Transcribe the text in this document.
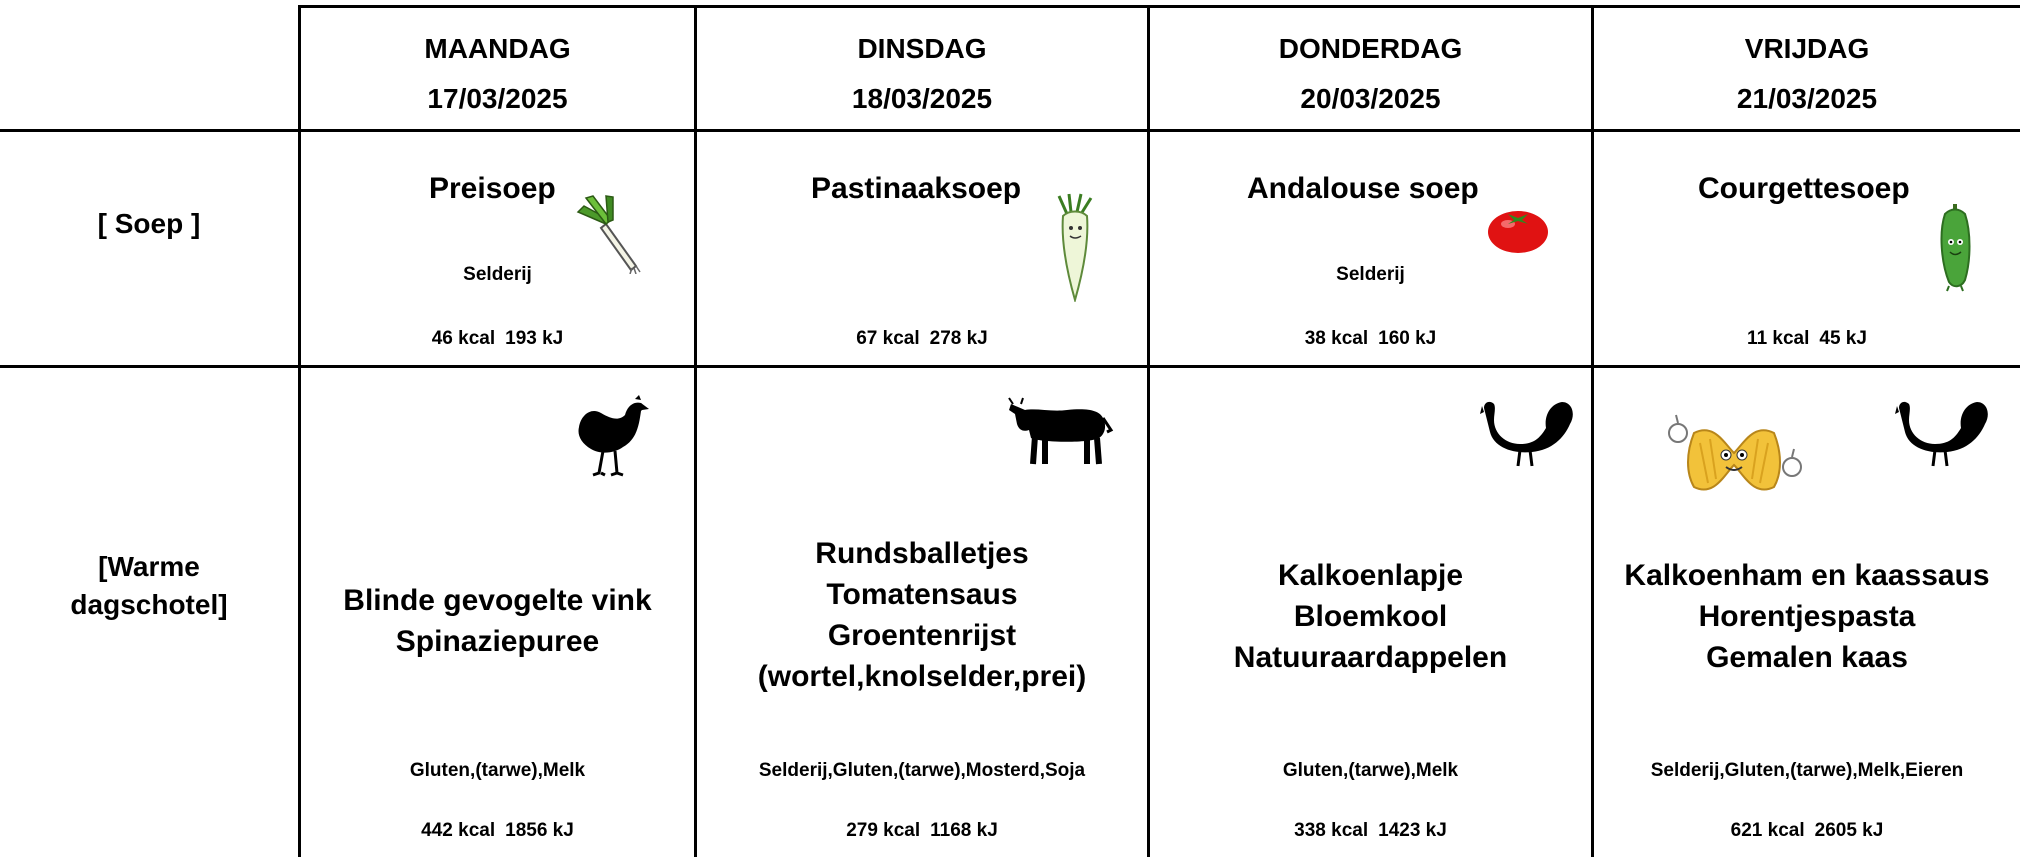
[ Soep ]
[Warme
dagschotel]
MAANDAG
17/03/2025
Preisoep
Selderij
46 kcal 193 kJ
Blinde gevogelte vink
Spinaziepuree
Gluten,(tarwe),Melk
442 kcal 1856 kJ
DINSDAG
18/03/2025
Pastinaaksoep
67 kcal 278 kJ
Rundsballetjes
Tomatensaus
Groentenrijst
(wortel,knolselder,prei)
Selderij,Gluten,(tarwe),Mosterd,Soja
279 kcal 1168 kJ
DONDERDAG
20/03/2025
Andalouse soep
Selderij
38 kcal 160 kJ
Kalkoenlapje
Bloemkool
Natuuraardappelen
Gluten,(tarwe),Melk
338 kcal 1423 kJ
VRIJDAG
21/03/2025
Courgettesoep
11 kcal 45 kJ
Kalkoenham en kaassaus
Horentjespasta
Gemalen kaas
Selderij,Gluten,(tarwe),Melk,Eieren
621 kcal 2605 kJ
